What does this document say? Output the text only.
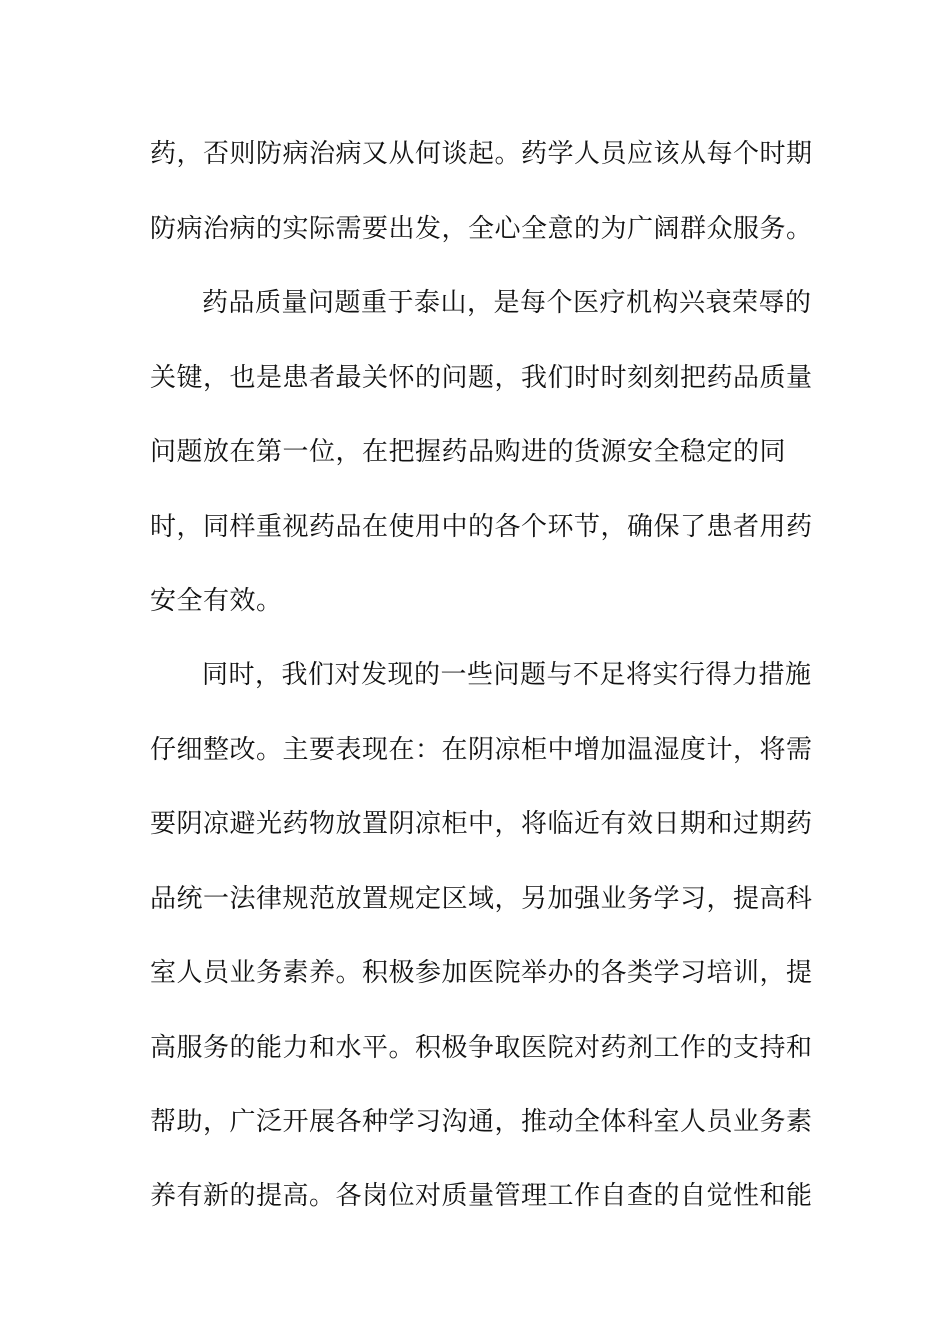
药，否则防病治病又从何谈起。药学人员应该从每个时期
防病治病的实际需要出发，全心全意的为广阔群众服务。
药品质量问题重于泰山，是每个医疗机构兴衰荣辱的
关键，也是患者最关怀的问题，我们时时刻刻把药品质量
问题放在第一位，在把握药品购进的货源安全稳定的同
时，同样重视药品在使用中的各个环节，确保了患者用药
安全有效。
同时，我们对发现的一些问题与不足将实行得力措施
仔细整改。主要表现在：在阴凉柜中增加温湿度计，将需
要阴凉避光药物放置阴凉柜中，将临近有效日期和过期药
品统一法律规范放置规定区域，另加强业务学习，提高科
室人员业务素养。积极参加医院举办的各类学习培训，提
高服务的能力和水平。积极争取医院对药剂工作的支持和
帮助，广泛开展各种学习沟通，推动全体科室人员业务素
养有新的提高。各岗位对质量管理工作自查的自觉性和能
